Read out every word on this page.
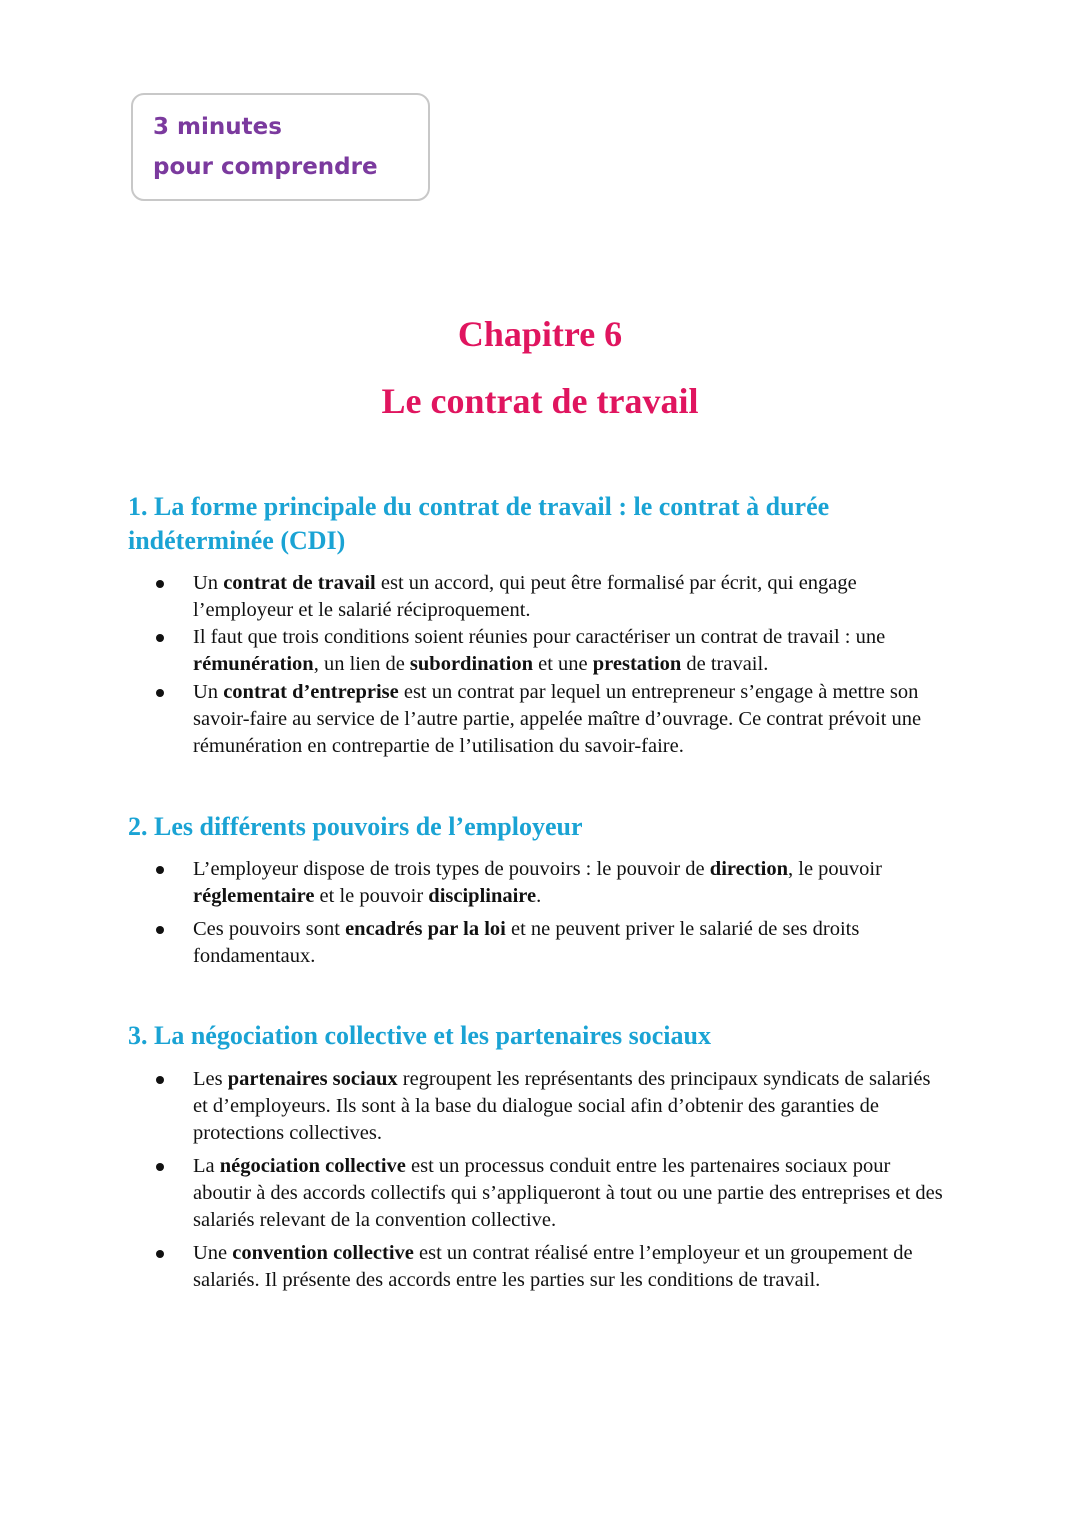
3 minutes
pour comprendre
Chapitre 6
Le contrat de travail
1. La forme principale du contrat de travail : le contrat à durée indéterminée (CDI)
Un contrat de travail est un accord, qui peut être formalisé par écrit, qui engage l’employeur et le salarié réciproquement.
Il faut que trois conditions soient réunies pour caractériser un contrat de travail : une rémunération, un lien de subordination et une prestation de travail.
Un contrat d’entreprise est un contrat par lequel un entrepreneur s’engage à mettre son savoir-faire au service de l’autre partie, appelée maître d’ouvrage. Ce contrat prévoit une rémunération en contrepartie de l’utilisation du savoir-faire.
2. Les différents pouvoirs de l’employeur
L’employeur dispose de trois types de pouvoirs : le pouvoir de direction, le pouvoir réglementaire et le pouvoir disciplinaire.
Ces pouvoirs sont encadrés par la loi et ne peuvent priver le salarié de ses droits fondamentaux.
3. La négociation collective et les partenaires sociaux
Les partenaires sociaux regroupent les représentants des principaux syndicats de salariés et d’employeurs. Ils sont à la base du dialogue social afin d’obtenir des garanties de protections collectives.
La négociation collective est un processus conduit entre les partenaires sociaux pour aboutir à des accords collectifs qui s’appliqueront à tout ou une partie des entreprises et des salariés relevant de la convention collective.
Une convention collective est un contrat réalisé entre l’employeur et un groupement de salariés. Il présente des accords entre les parties sur les conditions de travail.
